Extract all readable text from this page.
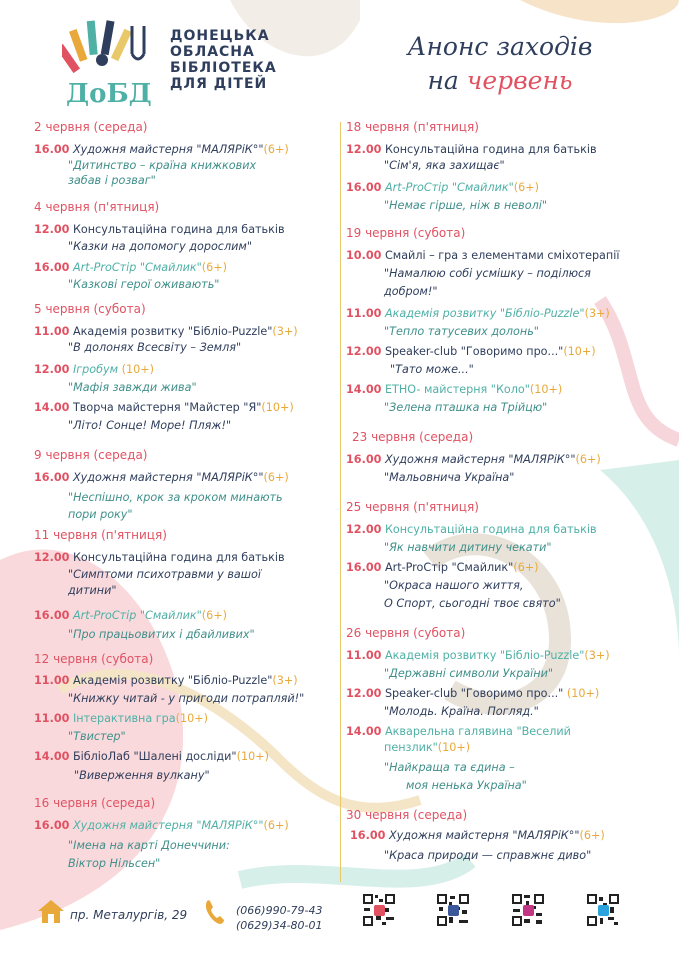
ДоБД
ДОНЕЦЬКА
ОБЛАСНА
БІБЛІОТЕКА
ДЛЯ ДІТЕЙ
Анонс заходів
на червень
2 червня (середа)
16.00 Художня майстерня "МАЛЯРіК°"(6+)
"Дитинство – країна книжкових
забав і розваг"
4 червня (п'ятниця)
12.00 Консультаційна година для батьків
"Казки на допомогу дорослим"
16.00 Art-ProСтір "Смайлик"(6+)
"Казкові герої оживають"
5 червня (субота)
11.00 Академія розвитку "Бібліо-Puzzle"(3+)
"В долонях Всесвіту – Земля"
12.00 Ігробум (10+)
"Мафія завжди жива"
14.00 Творча майстерня "Майстер "Я"(10+)
"Літо! Сонце! Море! Пляж!"
9 червня (середа)
16.00 Художня майстерня "МАЛЯРіК°"(6+)
"Неспішно, крок за кроком минають
пори року"
11 червня (п'ятниця)
12.00 Консультаційна година для батьків
"Симптоми психотравми у вашої
дитини"
16.00 Art-ProСтір "Смайлик"(6+)
"Про працьовитих і дбайливих"
12 червня (субота)
11.00 Академія розвитку "Бібліо-Puzzle"(3+)
"Книжку читай - у пригоди потрапляй!"
11.00 Інтерактивна гра(10+)
"Твистер"
14.00 БібліоЛаб "Шалені досліди"(10+)
"Виверження вулкану"
16 червня (середа)
16.00 Художня майстерня "МАЛЯРіК°"(6+)
"Імена на карті Донеччини:
Віктор Нільсен"
18 червня (п'ятниця)
12.00 Консультаційна година для батьків
"Сім'я, яка захищає"
16.00 Art-ProСтір "Смайлик"(6+)
"Немає гірше, ніж в неволі"
19 червня (субота)
10.00 Смайлі – гра з елементами сміхотерапії
"Намалюю собі усмішку – поділюся
добром!"
11.00 Академія розвитку "Бібліо-Puzzle"(3+)
"Тепло татусевих долонь"
12.00 Speaker-club "Говоримо про..."(10+)
"Тато може..."
14.00 ETHO- майстерня "Коло"(10+)
"Зелена пташка на Трійцю"
23 червня (середа)
16.00 Художня майстерня "МАЛЯРіК°"(6+)
"Мальовнича Україна"
25 червня (п'ятниця)
12.00 Консультаційна година для батьків
"Як навчити дитину чекати"
16.00 Art-ProСтір "Смайлик"(6+)
"Окраса нашого життя,
О Спорт, сьогодні твоє свято"
26 червня (субота)
11.00 Академія розвитку "Бібліо-Puzzle"(3+)
"Державні символи України"
12.00 Speaker-club "Говоримо про..." (10+)
"Молодь. Країна. Погляд."
14.00 Акварельна галявина "Веселий
пензлик"(10+)
"Найкраща та єдина –
моя ненька Україна"
30 червня (середа)
16.00 Художня майстерня "МАЛЯРіК°"(6+)
"Краса природи — справжнє диво"
пр. Металургів, 29	(066)990-79-43
(0629)34-80-01
